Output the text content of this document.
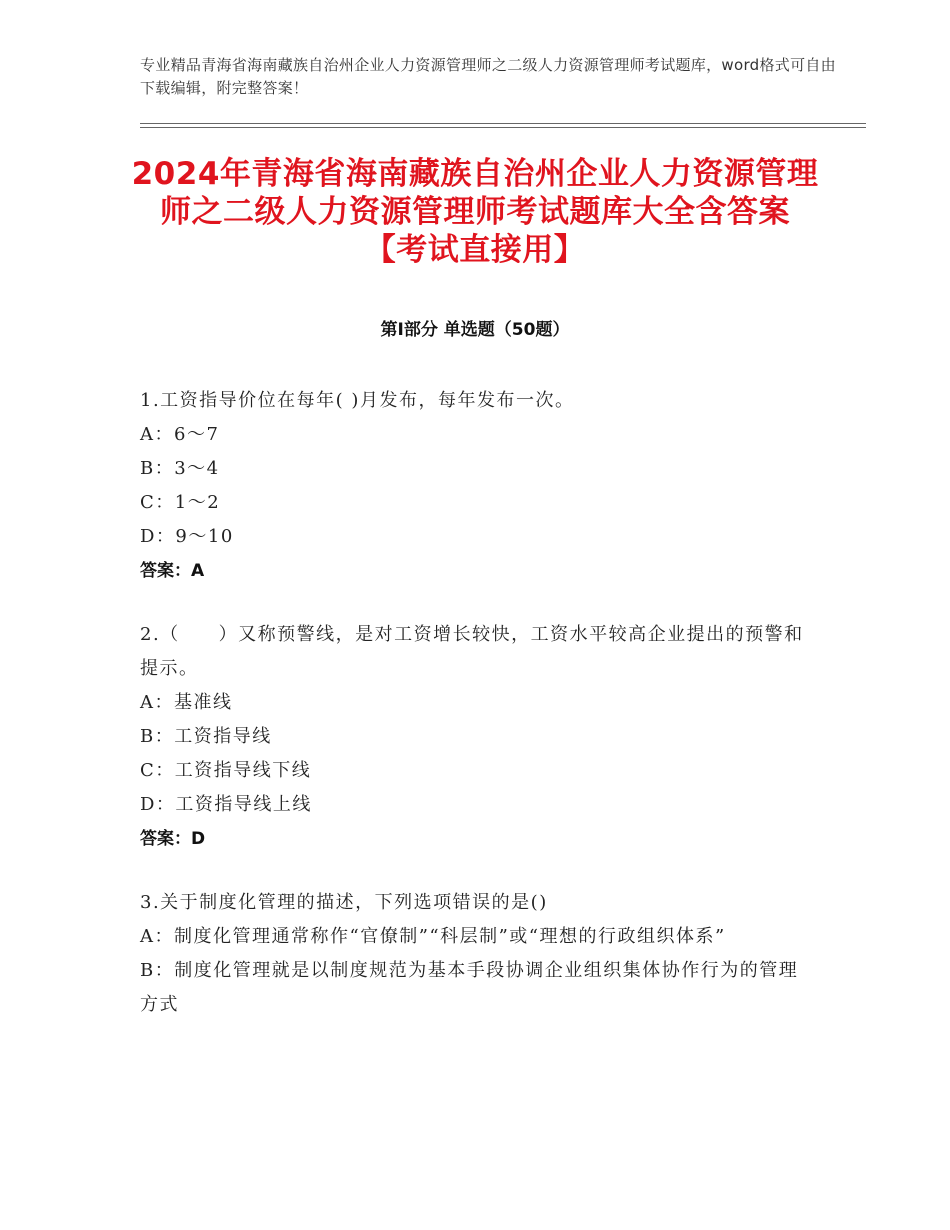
专业精品青海省海南藏族自治州企业人力资源管理师之二级人力资源管理师考试题库，word格式可自由下载编辑，附完整答案！
2024年青海省海南藏族自治州企业人力资源管理师之二级人力资源管理师考试题库大全含答案【考试直接用】
第Ⅰ部分 单选题（50题）

1.工资指导价位在每年( )月发布，每年发布一次。

A：6～7

B：3～4

C：1～2

D：9～10

答案：A

2.（　　）又称预警线，是对工资增长较快，工资水平较高企业提出的预警和提示。

A：基准线

B：工资指导线

C：工资指导线下线

D：工资指导线上线

答案：D

3.关于制度化管理的描述，下列选项错误的是()

A：制度化管理通常称作“官僚制”“科层制”或“理想的行政组织体系”

B：制度化管理就是以制度规范为基本手段协调企业组织集体协作行为的管理方式
